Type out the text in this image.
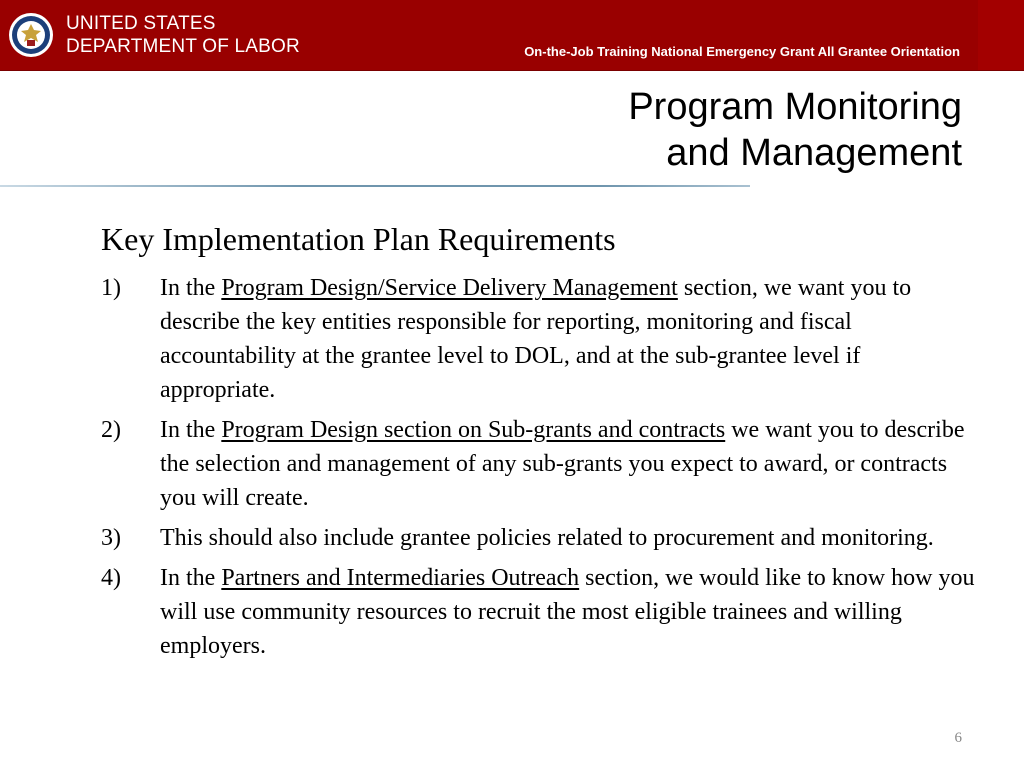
UNITED STATES
DEPARTMENT OF LABOR	On-the-Job Training National Emergency Grant All Grantee Orientation
Program Monitoring
and Management
Key Implementation Plan Requirements
1) In the Program Design/Service Delivery Management section, we want you to describe the key entities responsible for reporting, monitoring and fiscal accountability at the grantee level to DOL, and at the sub-grantee level if appropriate.
2) In the Program Design section on Sub-grants and contracts we want you to describe the selection and management of any sub-grants you expect to award, or contracts you will create.
3) This should also include grantee policies related to procurement and monitoring.
4) In the Partners and Intermediaries Outreach section, we would like to know how you will use community resources to recruit the most eligible trainees and willing employers.
6
